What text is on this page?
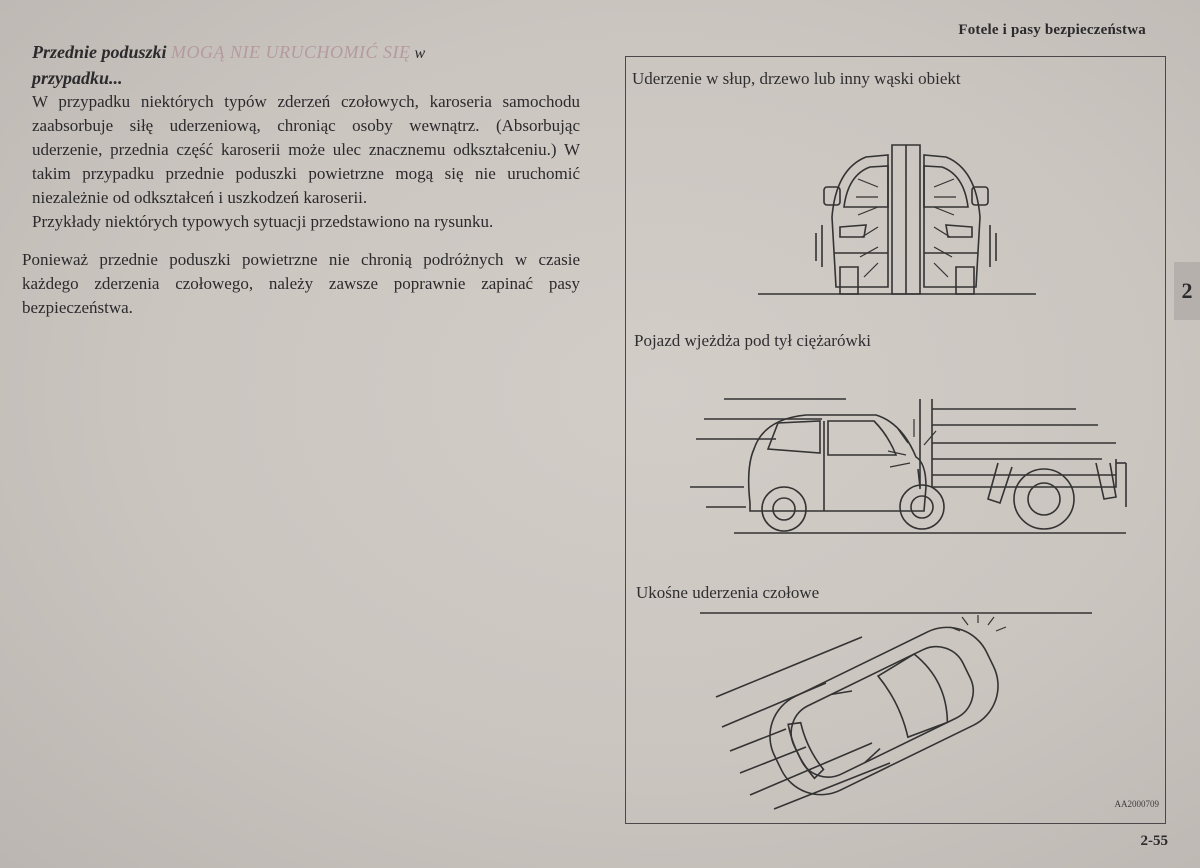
Fotele i pasy bezpieczeństwa
2

Przednie poduszki MOGĄ NIE URUCHOMIĆ SIĘ w
przypadku...

W przypadku niektórych typów zderzeń czołowych, karoseria samochodu zaabsorbuje siłę uderzeniową, chroniąc osoby wewnątrz. (Absorbując uderzenie, przednia część karoserii może ulec znacznemu odkształceniu.) W takim przypadku przednie poduszki powietrzne mogą się nie uruchomić niezależnie od odkształceń i uszkodzeń karoserii.

Przykłady niektórych typowych sytuacji przedstawiono na rysunku.

Ponieważ przednie poduszki powietrzne nie chronią podróżnych w czasie każdego zderzenia czołowego, należy zawsze poprawnie zapinać pasy bezpieczeństwa.

Uderzenie w słup, drzewo lub inny wąski obiekt
Pojazd wjeżdża pod tył ciężarówki
Ukośne uderzenia czołowe
AA2000709
2-55
